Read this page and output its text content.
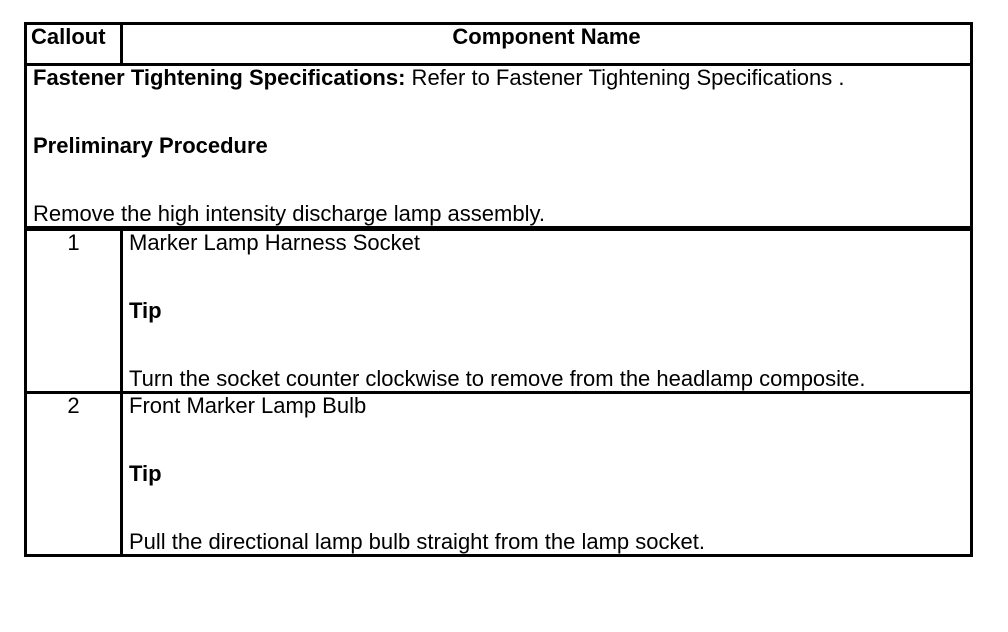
Callout	Component Name

Fastener Tightening Specifications: Refer to Fastener Tightening Specifications .

Preliminary Procedure

Remove the high intensity discharge lamp assembly.	

1	Marker Lamp Harness Socket

Tip

Turn the socket counter clockwise to remove from the headlamp composite.

2	Front Marker Lamp Bulb

Tip

Pull the directional lamp bulb straight from the lamp socket.
